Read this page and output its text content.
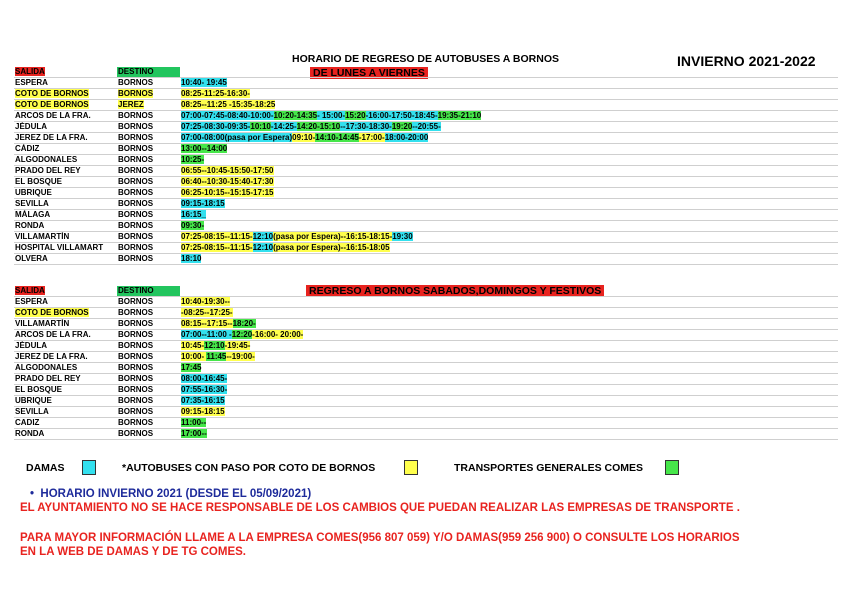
HORARIO DE REGRESO DE AUTOBUSES A BORNOS	INVIERNO 2021-2022
DE LUNES A VIERNES
SALIDA	DESTINO	
ESPERA	BORNOS	10:40- 19:45
COTO DE BORNOS	BORNOS	08:25-11:25-16:30-
COTO DE BORNOS	JEREZ	08:25--11:25 -15:35-18:25
ARCOS DE LA FRA.	BORNOS	07:00-07:45-08:40-10:00-10:20-14:35- 15:00-15:20-16:00-17:50-18:45-19:35-21:10
JÉDULA	BORNOS	07:25-08:30-09:35-10:10-14:25-14:20-15:10--17:30-18:30-19:20--20:55-
JEREZ DE LA FRA.	BORNOS	07:00-08:00(pasa por Espera)09:10-14:10-14:45-17:00-18:00-20:00
CÁDIZ	BORNOS	13:00--14:00
ALGODONALES	BORNOS	10:25-
PRADO DEL REY	BORNOS	06:55--10:45-15:50-17:50
EL BOSQUE	BORNOS	06:40--10:30-15:40-17:30
UBRIQUE	BORNOS	06:25-10:15--15:15-17:15
SEVILLA	BORNOS	09:15-18:15
MÁLAGA	BORNOS	16:15_
RONDA	BORNOS	09:30-
VILLAMARTÍN	BORNOS	07:25-08:15--11:15-12:10(pasa por Espera)--16:15-18:15-19:30
HOSPITAL VILLAMART	BORNOS	07:25-08:15--11:15-12:10(pasa por Espera)--16:15-18:05
OLVERA	BORNOS	18:10
REGRESO A BORNOS SABADOS,DOMINGOS Y FESTIVOS
SALIDA	DESTINO	
ESPERA	BORNOS	10:40-19:30--
COTO DE BORNOS	BORNOS	-08:25--17:25-
VILLAMARTÍN	BORNOS	08:15--17:15--18:20-
ARCOS DE LA FRA.	BORNOS	07:00--11:00 -12:20-16:00- 20:00-
JÉDULA	BORNOS	10:45-12:10-19:45-
JEREZ DE LA FRA.	BORNOS	10:00- 11:45--19:00-
ALGODONALES	BORNOS	17:45
PRADO DEL REY	BORNOS	08:00-16:45-
EL BOSQUE	BORNOS	07:55-16:30-
UBRIQUE	BORNOS	07:35-16:15
SEVILLA	BORNOS	09:15-18:15
CADIZ	BORNOS	11:00--
RONDA	BORNOS	17:00--
DAMAS	*AUTOBUSES CON PASO POR COTO DE BORNOS	TRANSPORTES GENERALES COMES
•  HORARIO INVIERNO 2021 (DESDE EL 05/09/2021)
EL AYUNTAMIENTO NO SE HACE RESPONSABLE DE LOS CAMBIOS QUE PUEDAN REALIZAR LAS EMPRESAS DE TRANSPORTE .
PARA MAYOR INFORMACIÓN LLAME A LA EMPRESA COMES(956 807 059) Y/O DAMAS(959 256 900) O CONSULTE LOS HORARIOS
EN LA WEB DE DAMAS Y DE TG COMES.
